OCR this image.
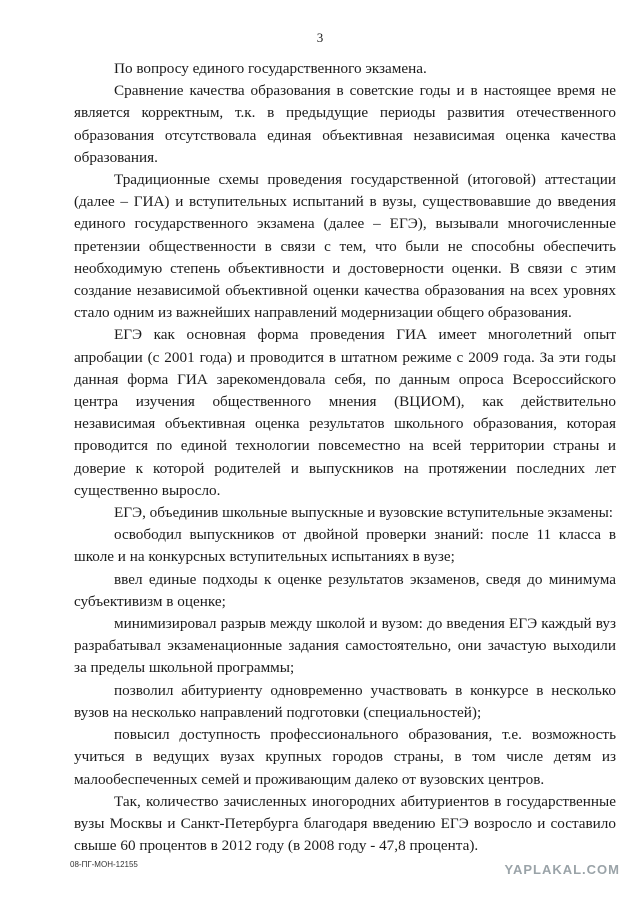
3

По вопросу единого государственного экзамена.

Сравнение качества образования в советские годы и в настоящее время не является корректным, т.к. в предыдущие периоды развития отечественного образования отсутствовала единая объективная независимая оценка качества образования.

Традиционные схемы проведения государственной (итоговой) аттестации (далее – ГИА) и вступительных испытаний в вузы, существовавшие до введения единого государственного экзамена (далее – ЕГЭ), вызывали многочисленные претензии общественности в связи с тем, что были не способны обеспечить необходимую степень объективности и достоверности оценки. В связи с этим создание независимой объективной оценки качества образования на всех уровнях стало одним из важнейших направлений модернизации общего образования.

ЕГЭ как основная форма проведения ГИА имеет многолетний опыт апробации (с 2001 года) и проводится в штатном режиме с 2009 года. За эти годы данная форма ГИА зарекомендовала себя, по данным опроса Всероссийского центра изучения общественного мнения (ВЦИОМ), как действительно независимая объективная оценка результатов школьного образования, которая проводится по единой технологии повсеместно на всей территории страны и доверие к которой родителей и выпускников на протяжении последних лет существенно выросло.

ЕГЭ, объединив школьные выпускные и вузовские вступительные экзамены:

освободил выпускников от двойной проверки знаний: после 11 класса в школе и на конкурсных вступительных испытаниях в вузе;

ввел единые подходы к оценке результатов экзаменов, сведя до минимума субъективизм в оценке;

минимизировал разрыв между школой и вузом: до введения ЕГЭ каждый вуз разрабатывал экзаменационные задания самостоятельно, они зачастую выходили за пределы школьной программы;

позволил абитуриенту одновременно участвовать в конкурсе в несколько вузов на несколько направлений подготовки (специальностей);

повысил доступность профессионального образования, т.е. возможность учиться в ведущих вузах крупных городов страны, в том числе детям из малообеспеченных семей и проживающим далеко от вузовских центров.

Так, количество зачисленных иногородних абитуриентов в государственные вузы Москвы и Санкт-Петербурга благодаря введению ЕГЭ возросло и составило свыше 60 процентов в 2012 году (в 2008 году - 47,8 процента).

08-ПГ-МОН-12155	YAPLAKAL.COM
